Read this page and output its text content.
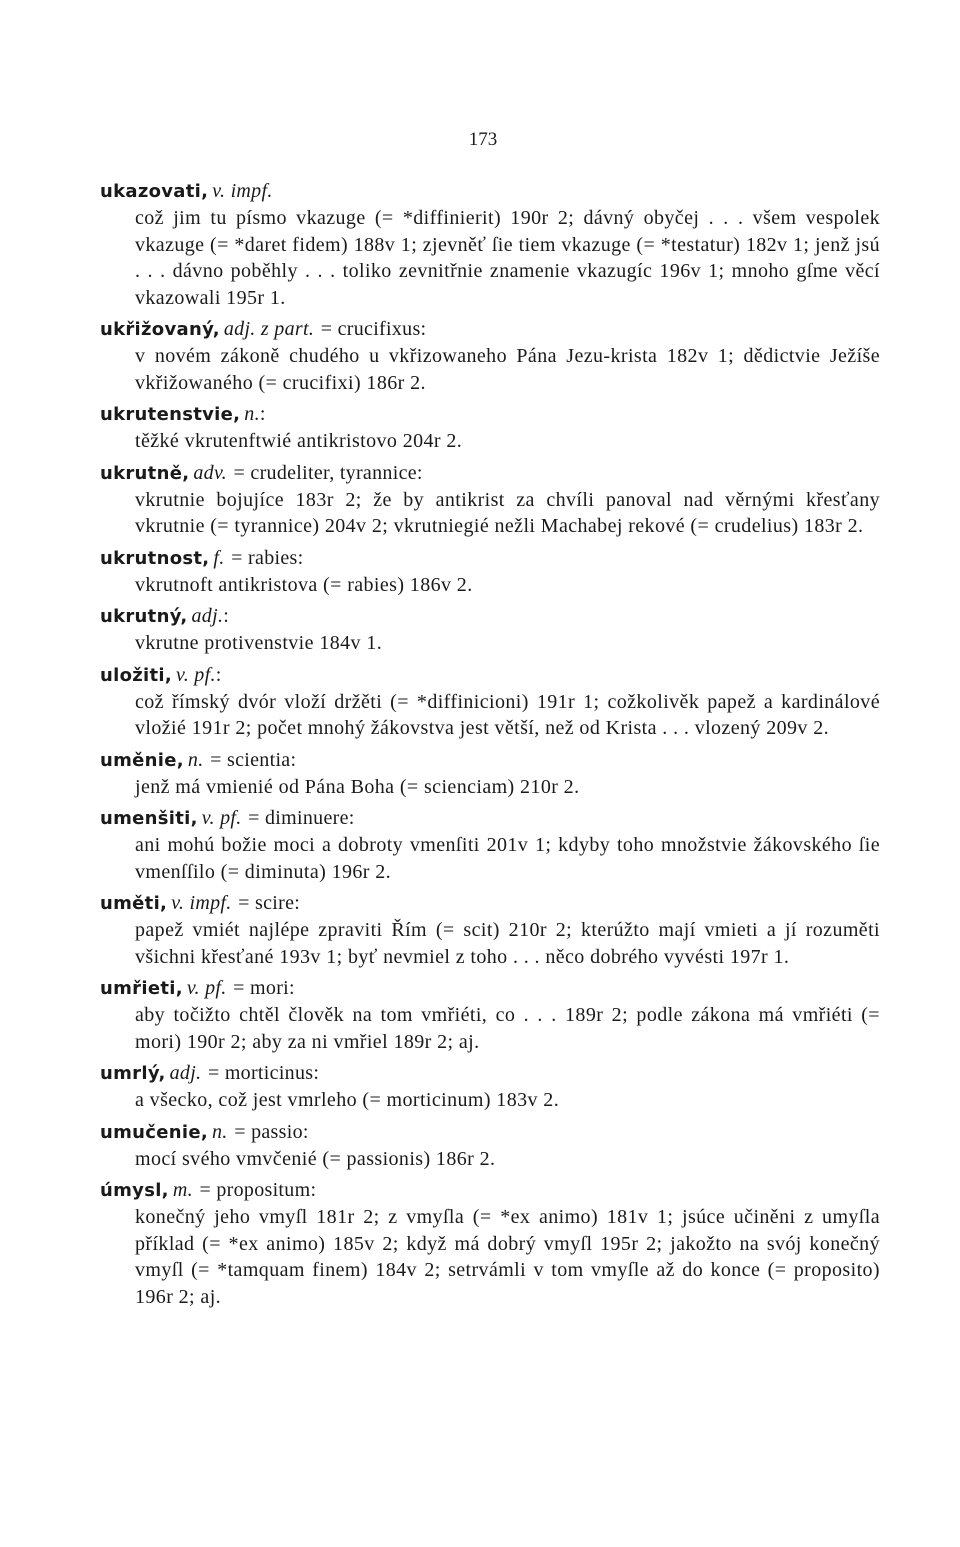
173
ukazovati, v. impf.
což jim tu písmo vkazuge (= *diffinierit) 190r 2; dávný obyčej . . . všem vespolek vkazuge (= *daret fidem) 188v 1; zjevněť ſie tiem vkazuge (= *testatur) 182v 1; jenž jsú . . . dávno poběhly . . . toliko zevnitřnie znamenie vkazugíc 196v 1; mnoho gſme věcí vkazowali 195r 1.
ukřižovaný, adj. z part. = crucifixus:
v novém zákoně chudého u vkřizowaneho Pána Jezu-krista 182v 1; dědictvie Ježíše vkřižowaného (= crucifixi) 186r 2.
ukrutenstvie, n.:
těžké vkrutenftwié antikristovo 204r 2.
ukrutně, adv. = crudeliter, tyrannice:
vkrutnie bojujíce 183r 2; že by antikrist za chvíli panoval nad věrnými křesťany vkrutnie (= tyrannice) 204v 2; vkrutniegié nežli Machabej rekové (= crudelius) 183r 2.
ukrutnost, f. = rabies:
vkrutnoft antikristova (= rabies) 186v 2.
ukrutný, adj.:
vkrutne protivenstvie 184v 1.
uložiti, v. pf.:
což římský dvór vloží držěti (= *diffinicioni) 191r 1; cožkolivěk papež a kardinálové vložié 191r 2; počet mnohý žákovstva jest větší, než od Krista . . . vlozený 209v 2.
uměnie, n. = scientia:
jenž má vmienié od Pána Boha (= scienciam) 210r 2.
umenšiti, v. pf. = diminuere:
ani mohú božie moci a dobroty vmenſiti 201v 1; kdyby toho množstvie žákovského ſie vmenſſilo (= diminuta) 196r 2.
uměti, v. impf. = scire:
papež vmiét najlépe zpraviti Řím (= scit) 210r 2; kterúžto mají vmieti a jí rozuměti všichni křesťané 193v 1; byť nevmiel z toho . . . něco dobrého vyvésti 197r 1.
umřieti, v. pf. = mori:
aby točižto chtěl člověk na tom vmřiéti, co . . . 189r 2; podle zákona má vmřiéti (= mori) 190r 2; aby za ni vmřiel 189r 2; aj.
umrlý, adj. = morticinus:
a všecko, což jest vmrleho (= morticinum) 183v 2.
umučenie, n. = passio:
mocí svého vmvčenié (= passionis) 186r 2.
úmysl, m. = propositum:
konečný jeho vmyſl 181r 2; z vmyſla (= *ex animo) 181v 1; jsúce učiněni z umyſla příklad (= *ex animo) 185v 2; když má dobrý vmyſl 195r 2; jakožto na svój konečný vmyſl (= *tamquam finem) 184v 2; setrvámli v tom vmyſle až do konce (= proposito) 196r 2; aj.
